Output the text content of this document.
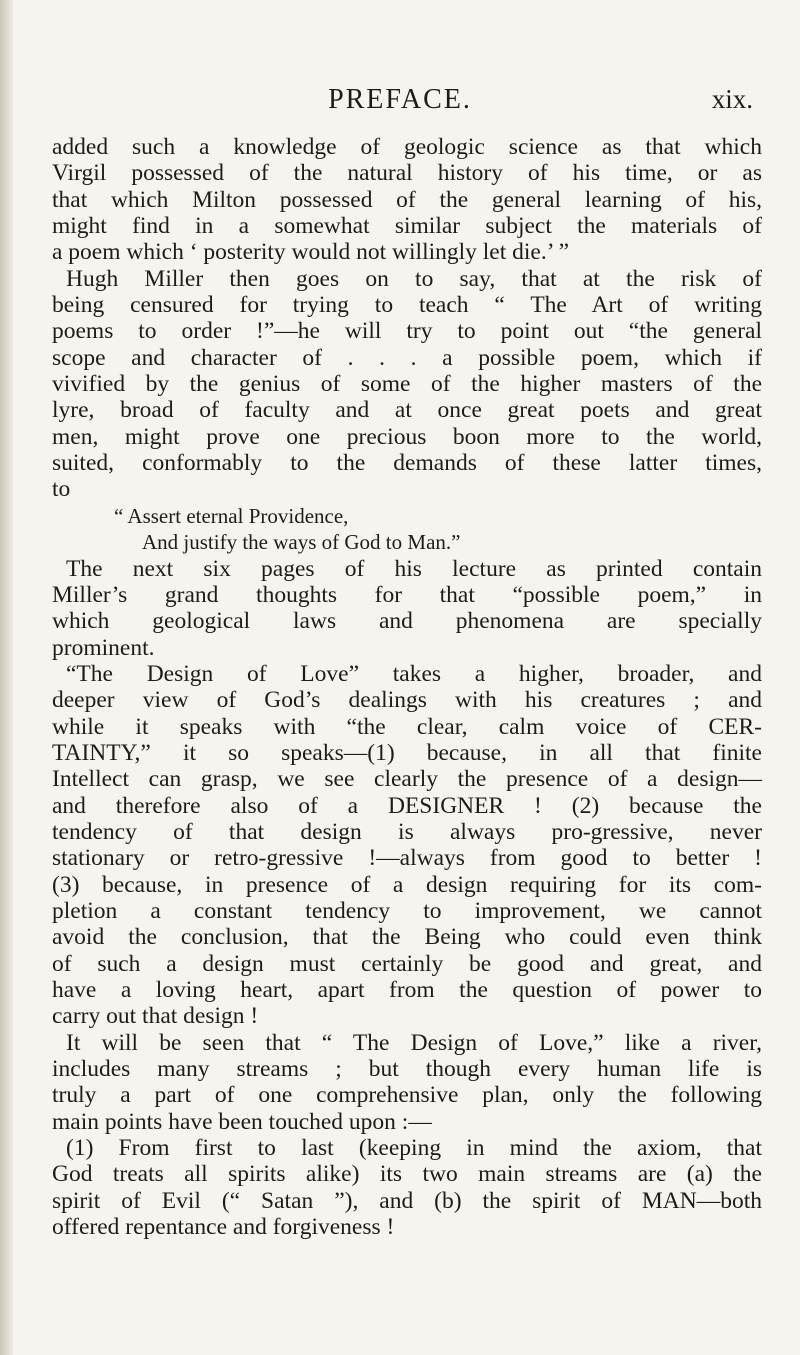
PREFACE.	xix.
added such a knowledge of geologic science as that which
Virgil possessed of the natural history of his time, or as
that which Milton possessed of the general learning of his,
might find in a somewhat similar subject the materials of
a poem which ‘ posterity would not willingly let die.’ ”
Hugh Miller then goes on to say, that at the risk of
being censured for trying to teach “ The Art of writing
poems to order !”—he will try to point out “the general
scope and character of . . . a possible poem, which if
vivified by the genius of some of the higher masters of the
lyre, broad of faculty and at once great poets and great
men, might prove one precious boon more to the world,
suited, conformably to the demands of these latter times,
to
“ Assert eternal Providence,
And justify the ways of God to Man.”
The next six pages of his lecture as printed contain
Miller’s grand thoughts for that “possible poem,” in
which geological laws and phenomena are specially
prominent.
“The Design of Love” takes a higher, broader, and
deeper view of God’s dealings with his creatures ; and
while it speaks with “the clear, calm voice of CER-
TAINTY,” it so speaks—(1) because, in all that finite
Intellect can grasp, we see clearly the presence of a design—
and therefore also of a DESIGNER ! (2) because the
tendency of that design is always pro-gressive, never
stationary or retro-gressive !—always from good to better !
(3) because, in presence of a design requiring for its com-
pletion a constant tendency to improvement, we cannot
avoid the conclusion, that the Being who could even think
of such a design must certainly be good and great, and
have a loving heart, apart from the question of power to
carry out that design !
It will be seen that “ The Design of Love,” like a river,
includes many streams ; but though every human life is
truly a part of one comprehensive plan, only the following
main points have been touched upon :—
(1) From first to last (keeping in mind the axiom, that
God treats all spirits alike) its two main streams are (a) the
spirit of Evil (“ Satan ”), and (b) the spirit of MAN—both
offered repentance and forgiveness !
